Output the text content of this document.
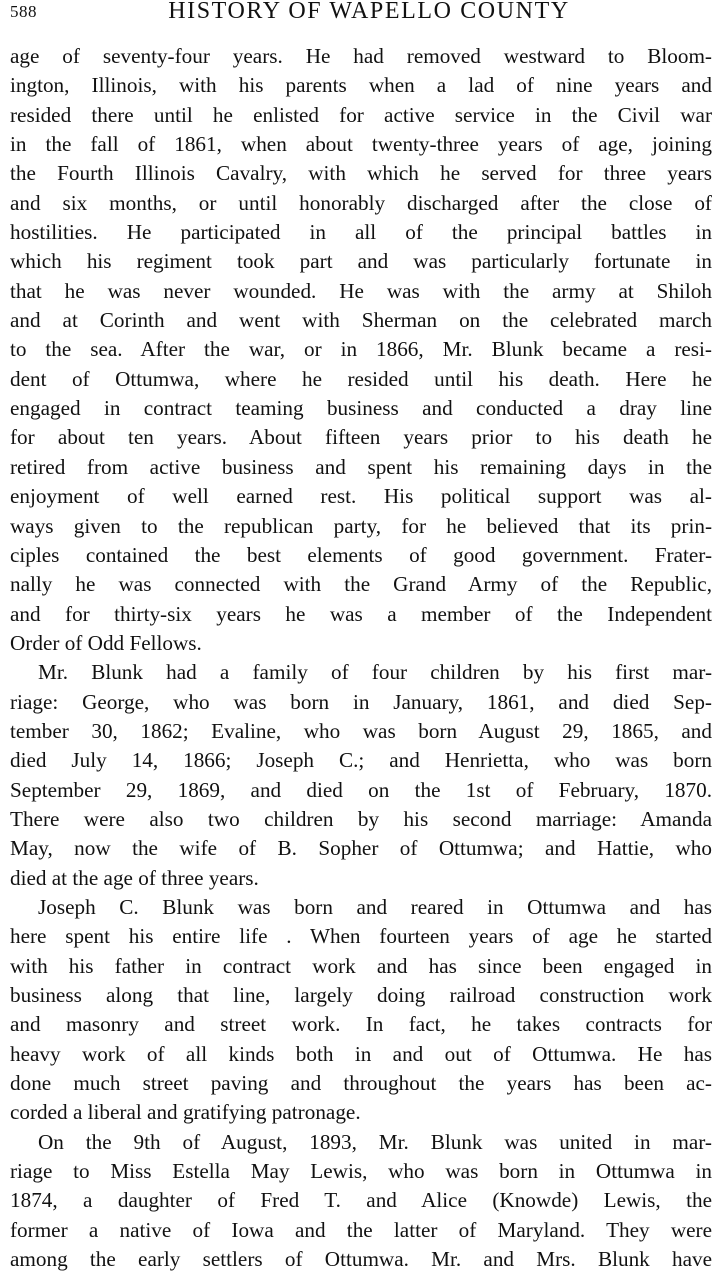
588	HISTORY OF WAPELLO COUNTY
age of seventy-four years. He had removed westward to Bloom-
ington, Illinois, with his parents when a lad of nine years and
resided there until he enlisted for active service in the Civil war
in the fall of 1861, when about twenty-three years of age, joining
the Fourth Illinois Cavalry, with which he served for three years
and six months, or until honorably discharged after the close of
hostilities. He participated in all of the principal battles in
which his regiment took part and was particularly fortunate in
that he was never wounded. He was with the army at Shiloh
and at Corinth and went with Sherman on the celebrated march
to the sea. After the war, or in 1866, Mr. Blunk became a resi-
dent of Ottumwa, where he resided until his death. Here he
engaged in contract teaming business and conducted a dray line
for about ten years. About fifteen years prior to his death he
retired from active business and spent his remaining days in the
enjoyment of well earned rest. His political support was al-
ways given to the republican party, for he believed that its prin-
ciples contained the best elements of good government. Frater-
nally he was connected with the Grand Army of the Republic,
and for thirty-six years he was a member of the Independent
Order of Odd Fellows.
Mr. Blunk had a family of four children by his first mar-
riage: George, who was born in January, 1861, and died Sep-
tember 30, 1862; Evaline, who was born August 29, 1865, and
died July 14, 1866; Joseph C.; and Henrietta, who was born
September 29, 1869, and died on the 1st of February, 1870.
There were also two children by his second marriage: Amanda
May, now the wife of B. Sopher of Ottumwa; and Hattie, who
died at the age of three years.
Joseph C. Blunk was born and reared in Ottumwa and has
here spent his entire life . When fourteen years of age he started
with his father in contract work and has since been engaged in
business along that line, largely doing railroad construction work
and masonry and street work. In fact, he takes contracts for
heavy work of all kinds both in and out of Ottumwa. He has
done much street paving and throughout the years has been ac-
corded a liberal and gratifying patronage.
On the 9th of August, 1893, Mr. Blunk was united in mar-
riage to Miss Estella May Lewis, who was born in Ottumwa in
1874, a daughter of Fred T. and Alice (Knowde) Lewis, the
former a native of Iowa and the latter of Maryland. They were
among the early settlers of Ottumwa. Mr. and Mrs. Blunk have
